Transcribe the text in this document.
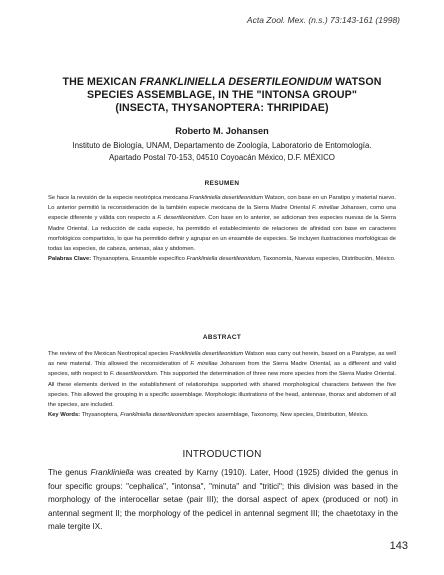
Acta Zool. Mex. (n.s.) 73:143-161 (1998)
THE MEXICAN FRANKLINIELLA DESERTILEONIDUM WATSON
SPECIES ASSEMBLAGE, IN THE "INTONSA GROUP"
(INSECTA, THYSANOPTERA: THRIPIDAE)
Roberto M. Johansen
Instituto de Biología, UNAM, Departamento de Zoología, Laboratorio de Entomología.
Apartado Postal 70-153, 04510 Coyoacán México, D.F. MÉXICO
RESUMEN
Se hace la revisión de la especie neotrópica mexicana Frankliniella desertileonidum Watson, con base en un Paratipo y material nuevo. Lo anterior permitió la reconsideración de la también especie mexicana de la Sierra Madre Oriental F. mirellae Johansen, como una especie diferente y válida con respecto a F. desertileonidum. Con base en lo anterior, se adicionan tres especies nuevas de la Sierra Madre Oriental. La reducción de cada especie, ha permitido el establecimiento de relaciones de afinidad con base en caracteres morfológicos compartidos, lo que ha permitido definir y agrupar en un ensamble de especies. Se incluyen ilustraciones morfológicas de todas las especies, de cabeza, antenas, alas y abdomen.
Palabras Clave: Thysanoptera, Ensamble específico Frankliniella desertileonidum, Taxonomía, Nuevas especies, Distribución, México.
ABSTRACT
The review of the Mexican Neotropical species Frankliniella desertileonidum Watson was carry out herein, based on a Paratype, as well as new material. This allowed the reconsideration of F. mirellae Johansen from the Sierra Madre Oriental, as a different and valid species, with respect to F. desertileonidum. This supported the determination of three new more species from the Sierra Madre Oriental. All these elements derived in the establishment of relationships supported with shared morphological characters between the five species. This allowed the grouping in a specific assemblage. Morphologic illustrations of the head, antennae, thorax and abdomen of all the species, are included.
Key Words: Thysanoptera, Frankliniella desertileonidum species assemblage, Taxonomy, New species, Distribution, México.
INTRODUCTION
The genus Frankliniella was created by Karny (1910). Later, Hood (1925) divided the genus in four specific groups: "cephalica", "intonsa", "minuta" and "tritici"; this division was based in the morphology of the interocellar setae (pair III); the dorsal aspect of apex (produced or not) in antennal segment II; the morphology of the pedicel in antennal segment III; the chaetotaxy in the male tergite IX.
143
